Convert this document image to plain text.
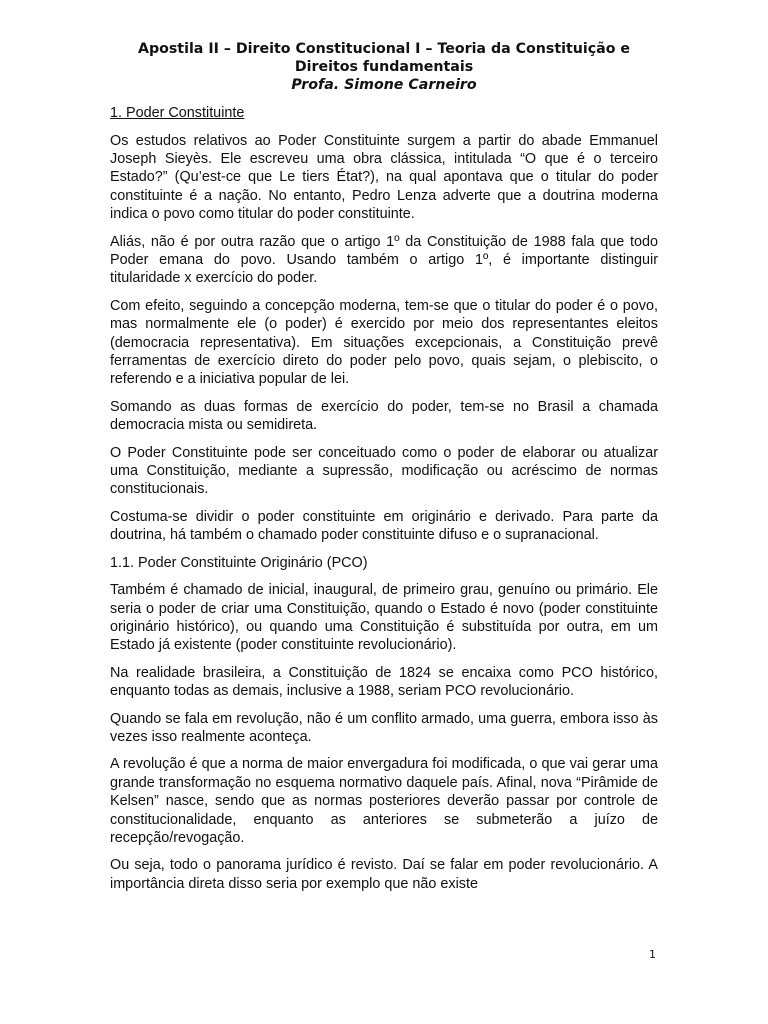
Apostila II – Direito Constitucional I – Teoria da Constituição e
Direitos fundamentais
Profa. Simone Carneiro
1. Poder Constituinte

Os estudos relativos ao Poder Constituinte surgem a partir do abade Emmanuel Joseph Sieyès. Ele escreveu uma obra clássica, intitulada “O que é o terceiro Estado?” (Qu’est-ce que Le tiers État?), na qual apontava que o titular do poder constituinte é a nação. No entanto, Pedro Lenza adverte que a doutrina moderna indica o povo como titular do poder constituinte.

Aliás, não é por outra razão que o artigo 1º da Constituição de 1988 fala que todo Poder emana do povo. Usando também o artigo 1º, é importante distinguir titularidade x exercício do poder.

Com efeito, seguindo a concepção moderna, tem-se que o titular do poder é o povo, mas normalmente ele (o poder) é exercido por meio dos representantes eleitos (democracia representativa). Em situações excepcionais, a Constituição prevê ferramentas de exercício direto do poder pelo povo, quais sejam, o plebiscito, o referendo e a iniciativa popular de lei.

Somando as duas formas de exercício do poder, tem-se no Brasil a chamada democracia mista ou semidireta.

O Poder Constituinte pode ser conceituado como o poder de elaborar ou atualizar uma Constituição, mediante a supressão, modificação ou acréscimo de normas constitucionais.

Costuma-se dividir o poder constituinte em originário e derivado. Para parte da doutrina, há também o chamado poder constituinte difuso e o supranacional.

1.1. Poder Constituinte Originário (PCO)

Também é chamado de inicial, inaugural, de primeiro grau, genuíno ou primário. Ele seria o poder de criar uma Constituição, quando o Estado é novo (poder constituinte originário histórico), ou quando uma Constituição é substituída por outra, em um Estado já existente (poder constituinte revolucionário).

Na realidade brasileira, a Constituição de 1824 se encaixa como PCO histórico, enquanto todas as demais, inclusive a 1988, seriam PCO revolucionário.

Quando se fala em revolução, não é um conflito armado, uma guerra, embora isso às vezes isso realmente aconteça.

A revolução é que a norma de maior envergadura foi modificada, o que vai gerar uma grande transformação no esquema normativo daquele país. Afinal, nova “Pirâmide de Kelsen” nasce, sendo que as normas posteriores deverão passar por controle de constitucionalidade, enquanto as anteriores se submeterão a juízo de recepção/revogação.

Ou seja, todo o panorama jurídico é revisto. Daí se falar em poder revolucionário. A importância direta disso seria por exemplo que não existe

1
